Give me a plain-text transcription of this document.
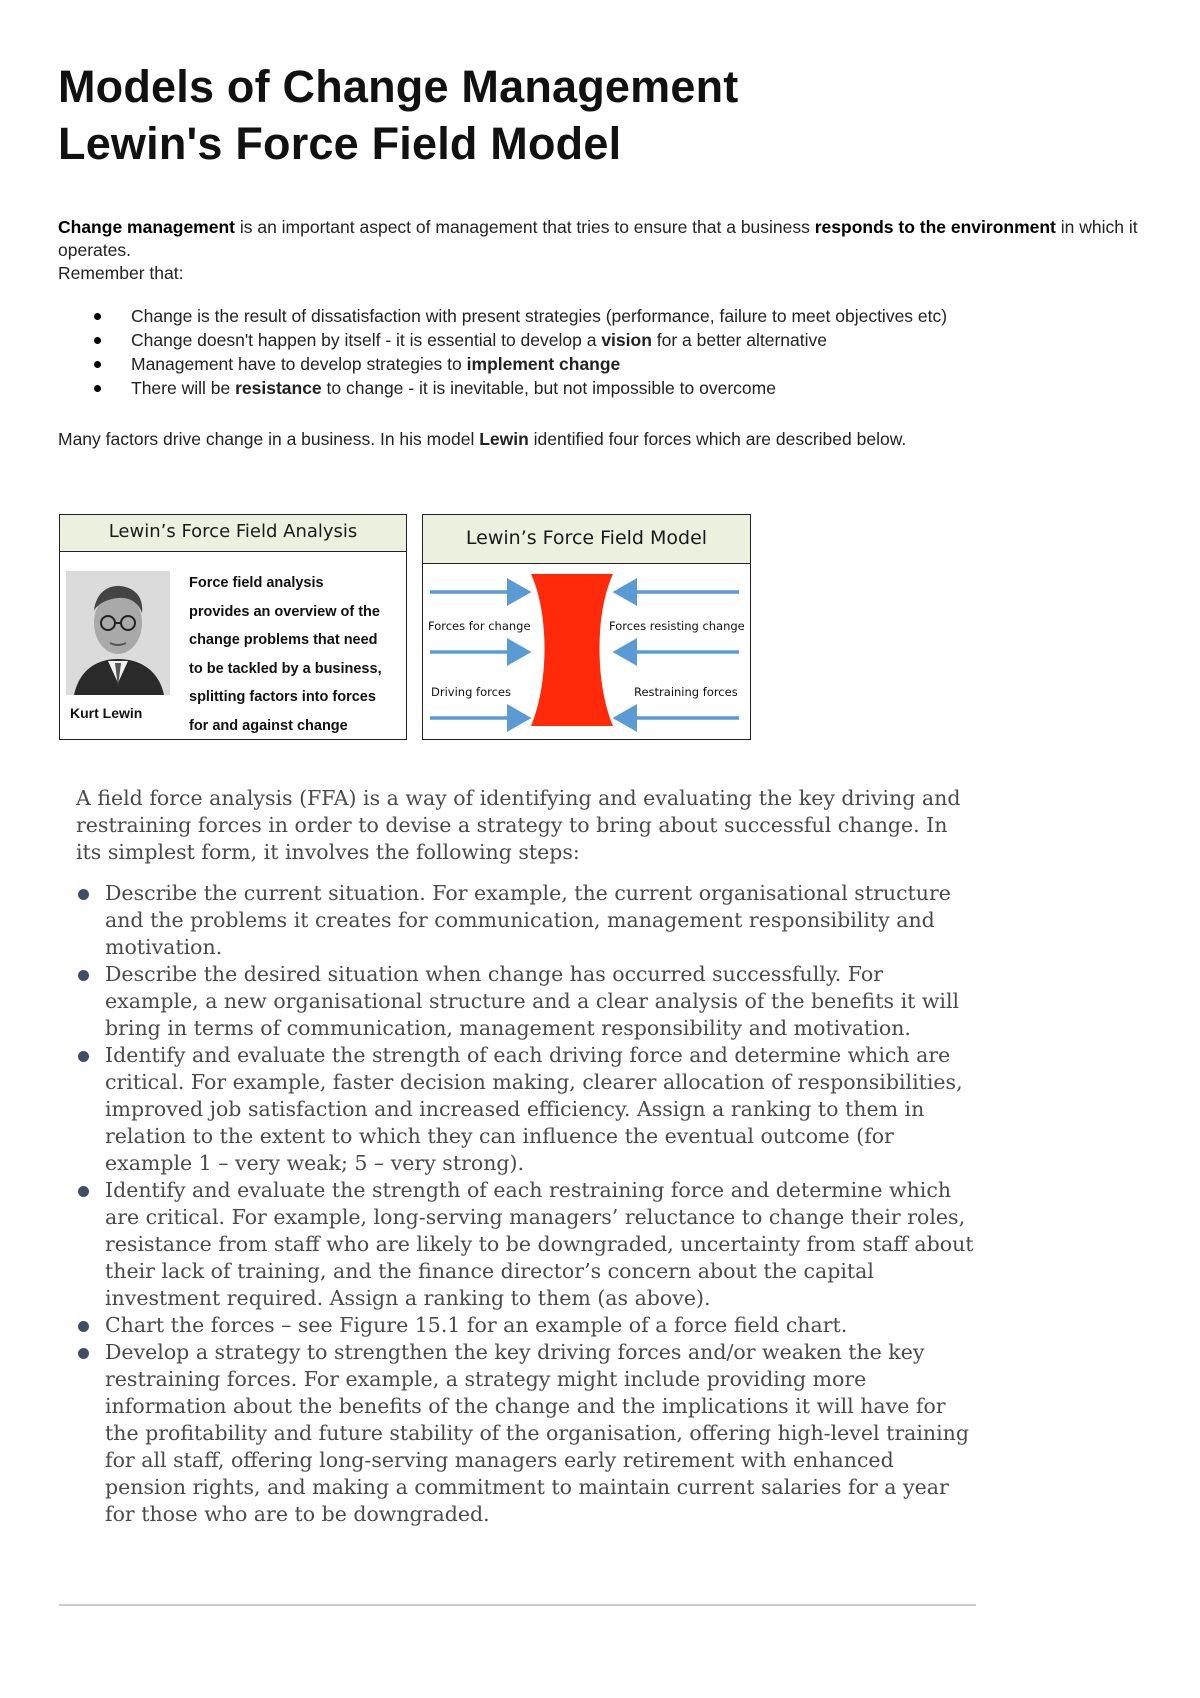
Models of Change Management
Lewin's Force Field Model
Change management is an important aspect of management that tries to ensure that a business responds to the environment in which it operates.
Remember that:
Change is the result of dissatisfaction with present strategies (performance, failure to meet objectives etc)
Change doesn't happen by itself - it is essential to develop a vision for a better alternative
Management have to develop strategies to implement change
There will be resistance to change - it is inevitable, but not impossible to overcome
Many factors drive change in a business. In his model Lewin identified four forces which are described below.
Lewin’s Force Field Analysis
Kurt Lewin
Force field analysis
provides an overview of the
change problems that need
to be tackled by a business,
splitting factors into forces
for and against change
Lewin’s Force Field Model
Forces for change	Forces resisting change
Driving forces	Restraining forces

A field force analysis (FFA) is a way of identifying and evaluating the key driving and restraining forces in order to devise a strategy to bring about successful change. In its simplest form, it involves the following steps:

Describe the current situation. For example, the current organisational structure and the problems it creates for communication, management responsibility and motivation.
Describe the desired situation when change has occurred successfully. For example, a new organisational structure and a clear analysis of the benefits it will bring in terms of communication, management responsibility and motivation.
Identify and evaluate the strength of each driving force and determine which are critical. For example, faster decision making, clearer allocation of responsibilities, improved job satisfaction and increased efficiency. Assign a ranking to them in relation to the extent to which they can influence the eventual outcome (for example 1 – very weak; 5 – very strong).
Identify and evaluate the strength of each restraining force and determine which are critical. For example, long-serving managers’ reluctance to change their roles, resistance from staff who are likely to be downgraded, uncertainty from staff about their lack of training, and the finance director’s concern about the capital investment required. Assign a ranking to them (as above).
Chart the forces – see Figure 15.1 for an example of a force field chart.
Develop a strategy to strengthen the key driving forces and/or weaken the key restraining forces. For example, a strategy might include providing more information about the benefits of the change and the implications it will have for the profitability and future stability of the organisation, offering high-level training for all staff, offering long-serving managers early retirement with enhanced pension rights, and making a commitment to maintain current salaries for a year for those who are to be downgraded.
